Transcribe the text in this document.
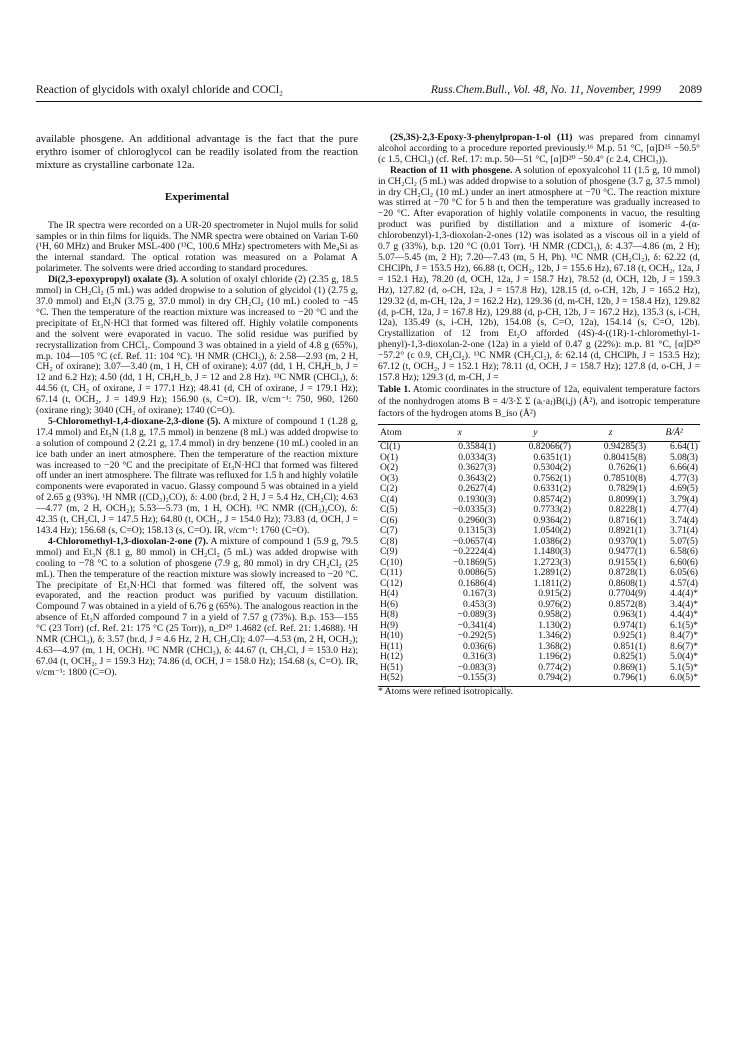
Reaction of glycidols with oxalyl chloride and COCl₂	Russ.Chem.Bull., Vol. 48, No. 11, November, 1999 2089

available phosgene. An additional advantage is the fact that the pure erythro isomer of chloroglycol can be readily isolated from the reaction mixture as crystalline carbonate 12a.

Experimental

The IR spectra were recorded on a UR-20 spectrometer in Nujol mulls for solid samples or in thin films for liquids. The NMR spectra were obtained on Varian T-60 (¹H, 60 MHz) and Bruker MSL-400 (¹³C, 100.6 MHz) spectrometers with Me₄Si as the internal standard. The optical rotation was measured on a Polamat A polarimeter. The solvents were dried according to standard procedures.

Di(2,3-epoxypropyl) oxalate (3). A solution of oxalyl chloride (2) (2.35 g, 18.5 mmol) in CH₂Cl₂ (5 mL) was added dropwise to a solution of glycidol (1) (2.75 g, 37.0 mmol) and Et₃N (3.75 g, 37.0 mmol) in dry CH₂Cl₂ (10 mL) cooled to −45 °C. Then the temperature of the reaction mixture was increased to −20 °C and the precipitate of Et₃N·HCl that formed was filtered off. Highly volatile components and the solvent were evaporated in vacuo. The solid residue was purified by recrystallization from CHCl₃. Compound 3 was obtained in a yield of 4.8 g (65%), m.p. 104—105 °C (cf. Ref. 11: 104 °C). ¹H NMR (CHCl₃), δ: 2.58—2.93 (m, 2 H, CH₂ of oxirane); 3.07—3.40 (m, 1 H, CH of oxirane); 4.07 (dd, 1 H, CHₐH_b, J = 12 and 6.2 Hz); 4.50 (dd, 1 H, CHₐH_b, J = 12 and 2.8 Hz). ¹³C NMR (CHCl₃), δ: 44.56 (t, CH₂ of oxirane, J = 177.1 Hz); 48.41 (d, CH of oxirane, J = 179.1 Hz); 67.14 (t, OCH₂, J = 149.9 Hz); 156.90 (s, C=O). IR, ν/cm⁻¹: 750, 960, 1260 (oxirane ring); 3040 (CH₂ of oxirane); 1740 (C=O).

5-Chloromethyl-1,4-dioxane-2,3-dione (5). A mixture of compound 1 (1.28 g, 17.4 mmol) and Et₃N (1.8 g, 17.5 mmol) in benzene (8 mL) was added dropwise to a solution of compound 2 (2.21 g, 17.4 mmol) in dry benzene (10 mL) cooled in an ice bath under an inert atmosphere. Then the temperature of the reaction mixture was increased to −20 °C and the precipitate of Et₃N·HCl that formed was filtered off under an inert atmosphere. The filtrate was refluxed for 1.5 h and highly volatile components were evaporated in vacuo. Glassy compound 5 was obtained in a yield of 2.65 g (93%). ¹H NMR ((CD₃)₂CO), δ: 4.00 (br.d, 2 H, J = 5.4 Hz, CH₂Cl); 4.63—4.77 (m, 2 H, OCH₂); 5.53—5.73 (m, 1 H, OCH). ¹³C NMR ((CH₃)₂CO), δ: 42.35 (t, CH₂Cl, J = 147.5 Hz); 64.80 (t, OCH₂, J = 154.0 Hz); 73.83 (d, OCH, J = 143.4 Hz); 156.68 (s, C=O); 158.13 (s, C=O). IR, ν/cm⁻¹: 1760 (C=O).

4-Chloromethyl-1,3-dioxolan-2-one (7). A mixture of compound 1 (5.9 g, 79.5 mmol) and Et₃N (8.1 g, 80 mmol) in CH₂Cl₂ (5 mL) was added dropwise with cooling to −78 °C to a solution of phosgene (7.9 g, 80 mmol) in dry CH₂Cl₂ (25 mL). Then the temperature of the reaction mixture was slowly increased to −20 °C. The precipitate of Et₃N·HCl that formed was filtered off, the solvent was evaporated, and the reaction product was purified by vacuum distillation. Compound 7 was obtained in a yield of 6.76 g (65%). The analogous reaction in the absence of Et₃N afforded compound 7 in a yield of 7.57 g (73%). B.p. 153—155 °C (23 Torr) (cf. Ref. 21: 175 °C (25 Torr)), n_D²⁰ 1.4682 (cf. Ref. 21: 1.4688). ¹H NMR (CHCl₃), δ: 3.57 (br.d, J = 4.6 Hz, 2 H, CH₂Cl); 4.07—4.53 (m, 2 H, OCH₂); 4.63—4.97 (m, 1 H, OCH). ¹³C NMR (CHCl₃), δ: 44.67 (t, CH₂Cl, J = 153.0 Hz); 67.04 (t, OCH₂, J = 159.3 Hz); 74.86 (d, OCH, J = 158.0 Hz); 154.68 (s, C=O). IR, ν/cm⁻¹: 1800 (C=O).

(2S,3S)-2,3-Epoxy-3-phenylpropan-1-ol (11) was prepared from cinnamyl alcohol according to a procedure reported previously.¹⁶ M.p. 51 °C, [α]D²⁵ −50.5° (c 1.5, CHCl₃) (cf. Ref. 17: m.p. 50—51 °C, [α]D²⁰ −50.4° (c 2.4, CHCl₃)).

Reaction of 11 with phosgene. A solution of epoxyalcohol 11 (1.5 g, 10 mmol) in CH₂Cl₂ (5 mL) was added dropwise to a solution of phosgene (3.7 g, 37.5 mmol) in dry CH₂Cl₂ (10 mL) under an inert atmosphere at −70 °C. The reaction mixture was stirred at −70 °C for 5 h and then the temperature was gradually increased to −20 °C. After evaporation of highly volatile components in vacuo, the resulting product was purified by distillation and a mixture of isomeric 4-(α-chlorobenzyl)-1,3-dioxolan-2-ones (12) was isolated as a viscous oil in a yield of 0.7 g (33%), b.p. 120 °C (0.01 Torr). ¹H NMR (CDCl₃), δ: 4.37—4.86 (m, 2 H); 5.07—5.45 (m, 2 H); 7.20—7.43 (m, 5 H, Ph). ¹³C NMR (CH₂Cl₂), δ: 62.22 (d, CHClPh, J = 153.5 Hz), 66.88 (t, OCH₂, 12b, J = 155.6 Hz), 67.18 (t, OCH₂, 12a, J = 152.1 Hz), 78.20 (d, OCH, 12a, J = 158.7 Hz), 78.52 (d, OCH, 12b, J = 159.3 Hz), 127.82 (d, o-CH, 12a, J = 157.8 Hz), 128.15 (d, o-CH, 12b, J = 165.2 Hz), 129.32 (d, m-CH, 12a, J = 162.2 Hz), 129.36 (d, m-CH, 12b, J = 158.4 Hz), 129.82 (d, p-CH, 12a, J = 167.8 Hz), 129.88 (d, p-CH, 12b, J = 167.2 Hz), 135.3 (s, i-CH, 12a), 135.49 (s, i-CH, 12b), 154.08 (s, C=O, 12a), 154.14 (s, C=O, 12b). Crystallization of 12 from Et₂O afforded (4S)-4-((1R)-1-chloromethyl-1-phenyl)-1,3-dioxolan-2-one (12a) in a yield of 0.47 g (22%): m.p. 81 °C, [α]D²⁰ −57.2° (c 0.9, CH₂Cl₂). ¹³C NMR (CH₂Cl₂), δ: 62.14 (d, CHClPh, J = 153.5 Hz); 67.12 (t, OCH₂, J = 152.1 Hz); 78.11 (d, OCH, J = 158.7 Hz); 127.8 (d, o-CH, J = 157.8 Hz); 129.3 (d, m-CH, J =

Table 1. Atomic coordinates in the structure of 12a, equivalent temperature factors of the nonhydrogen atoms B = 4/3·Σ Σ (aᵢ·aⱼ)B(i,j) (Å²), and isotropic temperature factors of the hydrogen atoms B_iso (Å²)

Atom	x	y	z	B/Å²
Cl(1)	0.3584(1)	0.82066(7)	0.94285(3)	6.64(1)
O(1)	0.0334(3)	0.6351(1)	0.80415(8)	5.08(3)
O(2)	0.3627(3)	0.5304(2)	0.7626(1)	6.66(4)
O(3)	0.3643(2)	0.7562(1)	0.78510(8)	4.77(3)
C(2)	0.2627(4)	0.6331(2)	0.7829(1)	4.69(5)
C(4)	0.1930(3)	0.8574(2)	0.8099(1)	3.79(4)
C(5)	−0.0335(3)	0.7733(2)	0.8228(1)	4.77(4)
C(6)	0.2960(3)	0.9364(2)	0.8716(1)	3.74(4)
C(7)	0.1315(3)	1.0540(2)	0.8921(1)	3.71(4)
C(8)	−0.0657(4)	1.0386(2)	0.9370(1)	5.07(5)
C(9)	−0.2224(4)	1.1480(3)	0.9477(1)	6.58(6)
C(10)	−0.1869(5)	1.2723(3)	0.9155(1)	6.60(6)
C(11)	0.0086(5)	1.2891(2)	0.8728(1)	6.05(6)
C(12)	0.1686(4)	1.1811(2)	0.8608(1)	4.57(4)
H(4)	0.167(3)	0.915(2)	0.7704(9)	4.4(4)*
H(6)	0.453(3)	0.976(2)	0.8572(8)	3.4(4)*
H(8)	−0.089(3)	0.958(2)	0.963(1)	4.4(4)*
H(9)	−0.341(4)	1.130(2)	0.974(1)	6.1(5)*
H(10)	−0.292(5)	1.346(2)	0.925(1)	8.4(7)*
H(11)	0.036(6)	1.368(2)	0.851(1)	8.6(7)*
H(12)	0.316(3)	1.196(2)	0.825(1)	5.0(4)*
H(51)	−0.083(3)	0.774(2)	0.869(1)	5.1(5)*
H(52)	−0.155(3)	0.794(2)	0.796(1)	6.0(5)*

* Atoms were refined isotropically.
